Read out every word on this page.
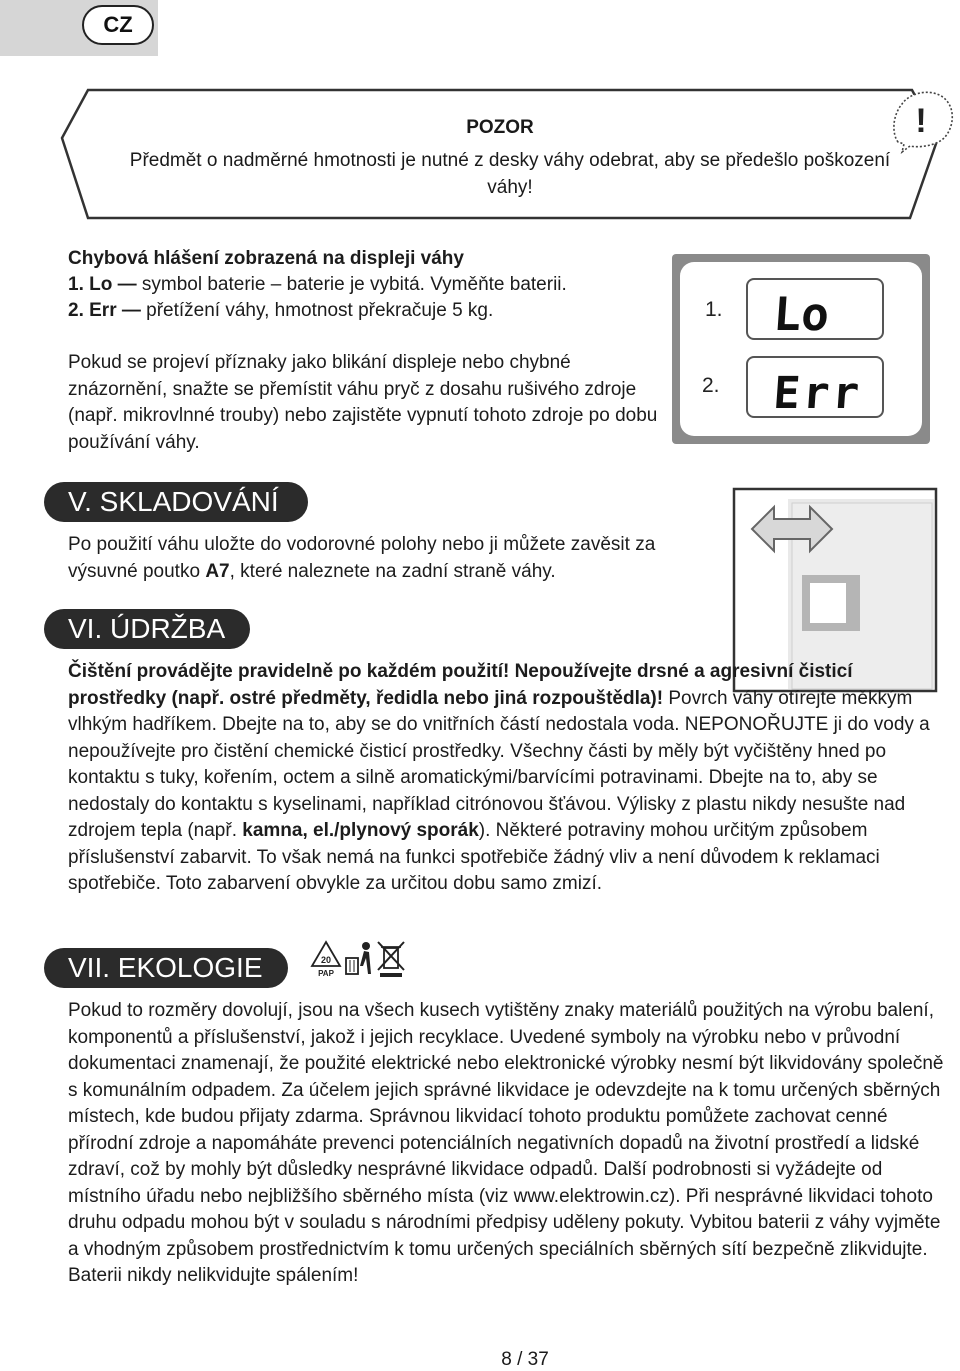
CZ
!
POZOR
Předmět o nadměrné hmotnosti je nutné z desky váhy odebrat, aby se předešlo poškození váhy!
Chybová hlášení zobrazená na displeji váhy
1. Lo — symbol baterie – baterie je vybitá. Vyměňte baterii.
2. Err — přetížení váhy, hmotnost překračuje 5 kg.
Pokud se projeví příznaky jako blikání displeje nebo chybné znázornění, snažte se přemístit váhu pryč z dosahu rušivého zdroje (např. mikrovlnné trouby) nebo zajistěte vypnutí tohoto zdroje po dobu používání váhy.
1. Lo
2. Err
V. SKLADOVÁNÍ
Po použití váhu uložte do vodorovné polohy nebo ji můžete zavěsit za výsuvné poutko A7, které naleznete na zadní straně váhy.
VI. ÚDRŽBA
Čištění provádějte pravidelně po každém použití! Nepoužívejte drsné a agresivní čisticí prostředky (např. ostré předměty, ředidla nebo jiná rozpouštědla)! Povrch váhy otírejte měkkým vlhkým hadříkem. Dbejte na to, aby se do vnitřních částí nedostala voda. NEPONOŘUJTE ji do vody a nepoužívejte pro čistění chemické čisticí prostředky. Všechny části by měly být vyčištěny hned po kontaktu s tuky, kořením, octem a silně aromatickými/barvícími potravinami. Dbejte na to, aby se nedostaly do kontaktu s kyselinami, například citrónovou šťávou. Výlisky z plastu nikdy nesušte nad zdrojem tepla (např. kamna, el./plynový sporák). Některé potraviny mohou určitým způsobem příslušenství zabarvit. To však nemá na funkci spotřebiče žádný vliv a není důvodem k reklamaci spotřebiče. Toto zabarvení obvykle za určitou dobu samo zmizí.
VII. EKOLOGIE	20
PAP
Pokud to rozměry dovolují, jsou na všech kusech vytištěny znaky materiálů použitých na výrobu balení, komponentů a příslušenství, jakož i jejich recyklace. Uvedené symboly na výrobku nebo v průvodní dokumentaci znamenají, že použité elektrické nebo elektronické výrobky nesmí být likvidovány společně s komunálním odpadem. Za účelem jejich správné likvidace je odevzdejte na k tomu určených sběrných místech, kde budou přijaty zdarma. Správnou likvidací tohoto produktu pomůžete zachovat cenné přírodní zdroje a napomáháte prevenci potenciálních negativních dopadů na životní prostředí a lidské zdraví, což by mohly být důsledky nesprávné likvidace odpadů. Další podrobnosti si vyžádejte od místního úřadu nebo nejbližšího sběrného místa (viz www.elektrowin.cz). Při nesprávné likvidaci tohoto druhu odpadu mohou být v souladu s národními předpisy uděleny pokuty. Vybitou baterii z váhy vyjměte a vhodným způsobem prostřednictvím k tomu určených speciálních sběrných sítí bezpečně zlikvidujte. Baterii nikdy nelikvidujte spálením!
8 / 37
